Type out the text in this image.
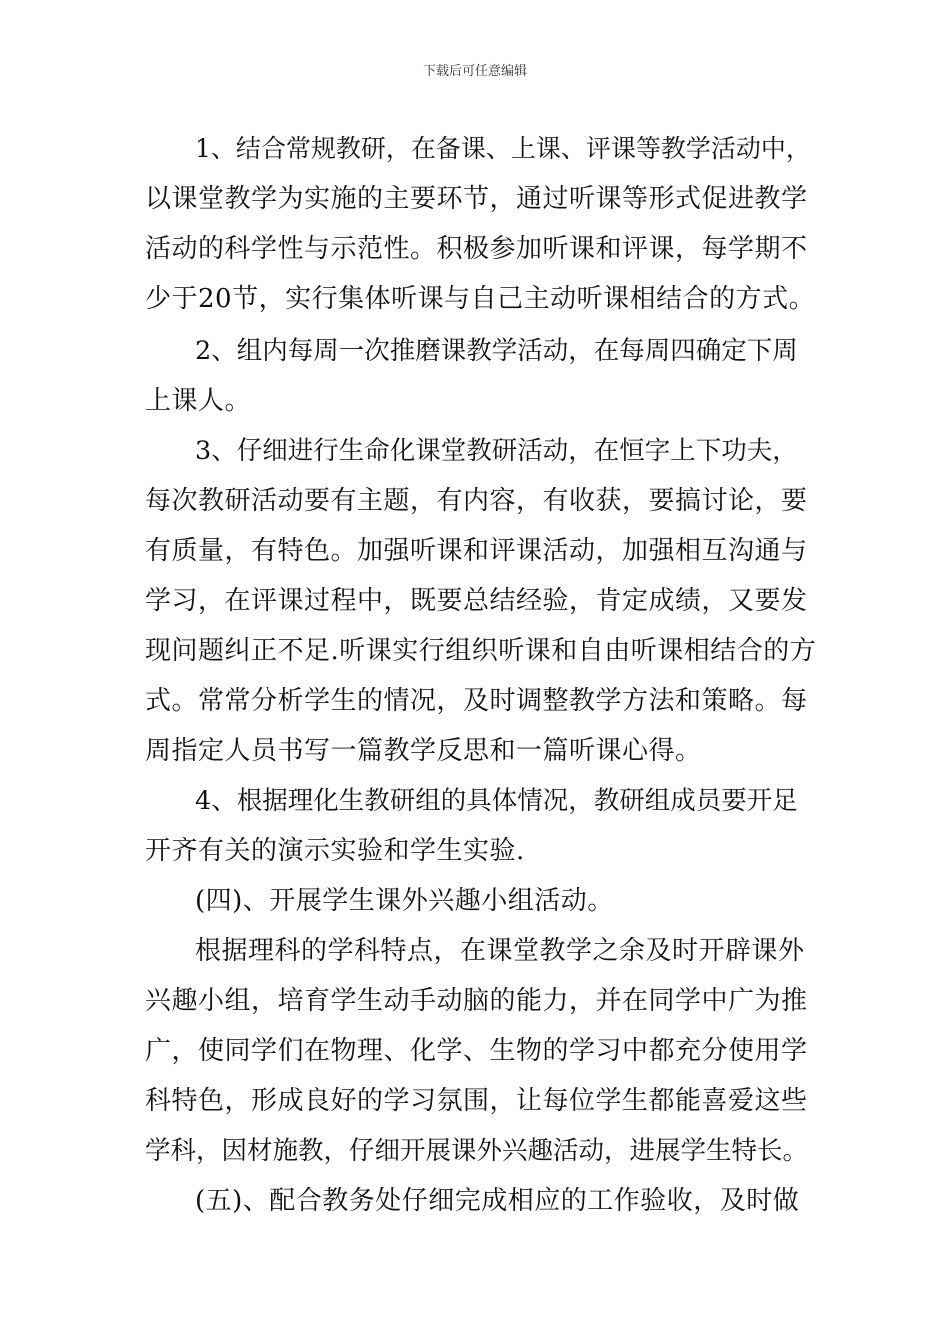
下载后可任意编辑
1、结合常规教研，在备课、上课、评课等教学活动中，
以课堂教学为实施的主要环节，通过听课等形式促进教学
活动的科学性与示范性。积极参加听课和评课，每学期不
少于20节，实行集体听课与自己主动听课相结合的方式。
2、组内每周一次推磨课教学活动，在每周四确定下周
上课人。
3、仔细进行生命化课堂教研活动，在恒字上下功夫，
每次教研活动要有主题，有内容，有收获，要搞讨论，要
有质量，有特色。加强听课和评课活动，加强相互沟通与
学习，在评课过程中，既要总结经验，肯定成绩，又要发
现问题纠正不足.听课实行组织听课和自由听课相结合的方
式。常常分析学生的情况，及时调整教学方法和策略。每
周指定人员书写一篇教学反思和一篇听课心得。
4、根据理化生教研组的具体情况，教研组成员要开足
开齐有关的演示实验和学生实验.
(四)、开展学生课外兴趣小组活动。
根据理科的学科特点，在课堂教学之余及时开辟课外
兴趣小组，培育学生动手动脑的能力，并在同学中广为推
广，使同学们在物理、化学、生物的学习中都充分使用学
科特色，形成良好的学习氛围，让每位学生都能喜爱这些
学科，因材施教，仔细开展课外兴趣活动，进展学生特长。
(五)、配合教务处仔细完成相应的工作验收，及时做
